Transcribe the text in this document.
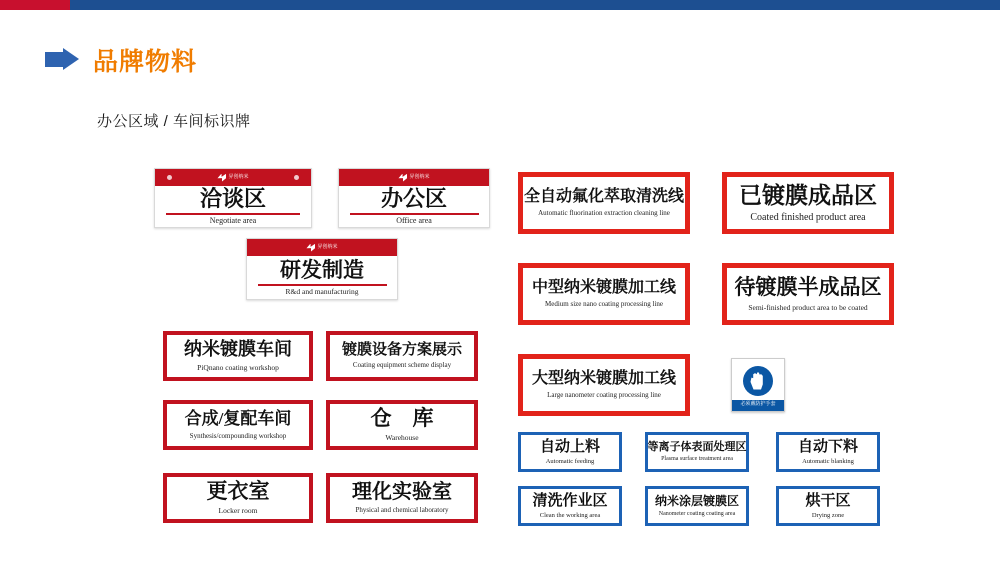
品牌物料
办公区域 / 车间标识牌
昇创纳米
洽谈区
Negotiate area
昇创纳米
办公区
Office area
昇创纳米
研发制造
R&d and manufacturing
纳米镀膜车间
PiQnano coating workshop
镀膜设备方案展示
Coating equipment scheme display
合成/复配车间
Synthesis/compounding workshop
仓　库
Warehouse
更衣室
Locker room
理化实验室
Physical and chemical laboratory
全自动氟化萃取清洗线
Automatic fluorination extraction cleaning line
已镀膜成品区
Coated finished product area
中型纳米镀膜加工线
Medium size nano coating processing line
待镀膜半成品区
Semi-finished product area to be coated
大型纳米镀膜加工线
Large nanometer coating processing line
必须戴防护手套
自动上料
Automatic feeding
等离子体表面处理区
Plasma surface treatment area
自动下料
Automatic blanking
清洗作业区
Clean the working area
纳米涂层镀膜区
Nanometer coating coating area
烘干区
Drying zone
